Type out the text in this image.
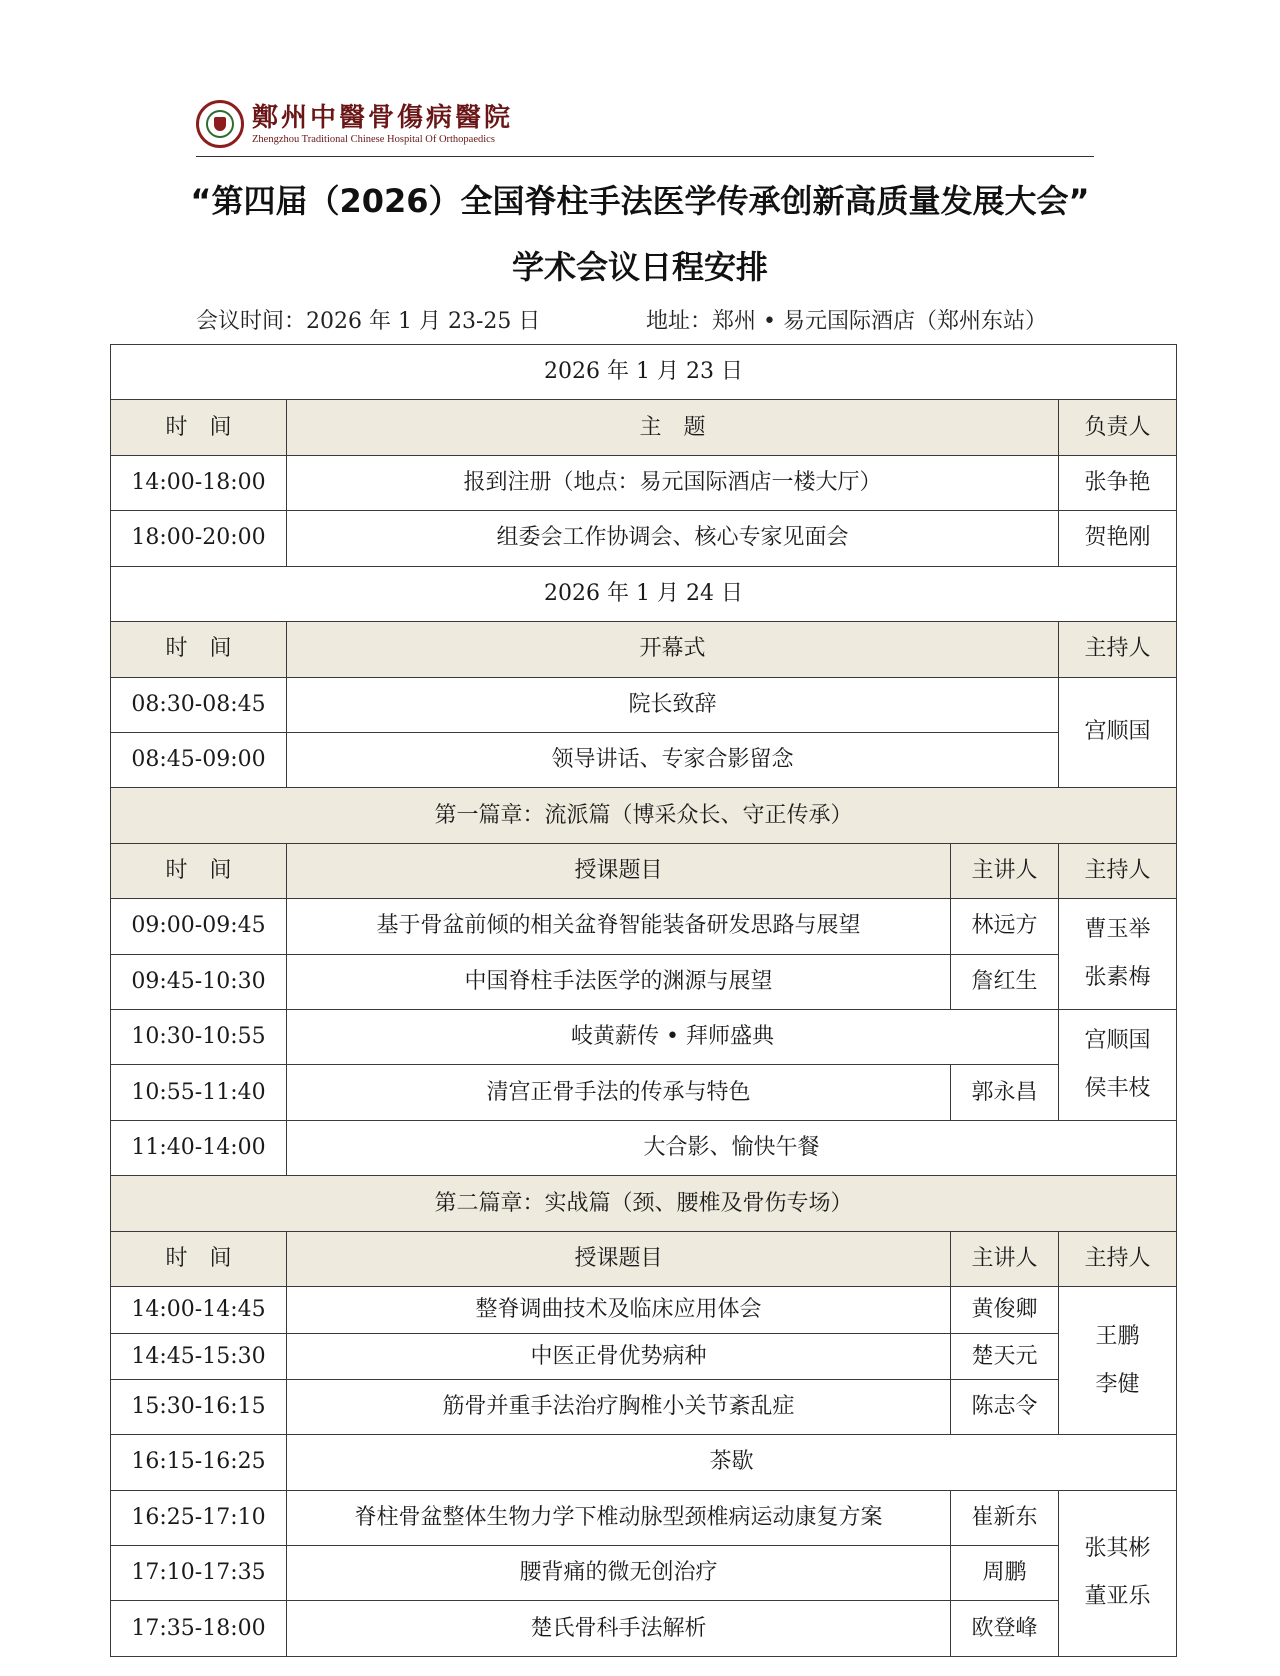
鄭州中醫骨傷病醫院
Zhengzhou Traditional Chinese Hospital Of Orthopaedics
“第四届（2026）全国脊柱手法医学传承创新高质量发展大会”
学术会议日程安排
会议时间：2026 年 1 月 23-25 日	地址：郑州 • 易元国际酒店（郑州东站）
2026 年 1 月 23 日			
时　间	主　题		负责人
14:00-18:00	报到注册（地点：易元国际酒店一楼大厅）		张争艳
18:00-20:00	组委会工作协调会、核心专家见面会		贺艳刚
2026 年 1 月 24 日			
时　间	开幕式		主持人
08:30-08:45	院长致辞		宫顺国
08:45-09:00	领导讲话、专家合影留念		
第一篇章：流派篇（博采众长、守正传承）			
时　间	授课题目	主讲人	主持人
09:00-09:45	基于骨盆前倾的相关盆脊智能装备研发思路与展望	林远方	曹玉举
张素梅

09:45-10:30	中国脊柱手法医学的渊源与展望	詹红生	
10:30-10:55	岐黄薪传 • 拜师盛典		宫顺国
侯丰枝

10:55-11:40	清宫正骨手法的传承与特色	郭永昌	
11:40-14:00	大合影、愉快午餐		
第二篇章：实战篇（颈、腰椎及骨伤专场）			
时　间	授课题目	主讲人	主持人
14:00-14:45	整脊调曲技术及临床应用体会	黄俊卿	王鹏
李健

14:45-15:30	中医正骨优势病种	楚天元	
15:30-16:15	筋骨并重手法治疗胸椎小关节紊乱症	陈志令	
16:15-16:25	茶歇		
16:25-17:10	脊柱骨盆整体生物力学下椎动脉型颈椎病运动康复方案	崔新东	张其彬
董亚乐

17:10-17:35	腰背痛的微无创治疗	周鹏	
17:35-18:00	楚氏骨科手法解析	欧登峰	
